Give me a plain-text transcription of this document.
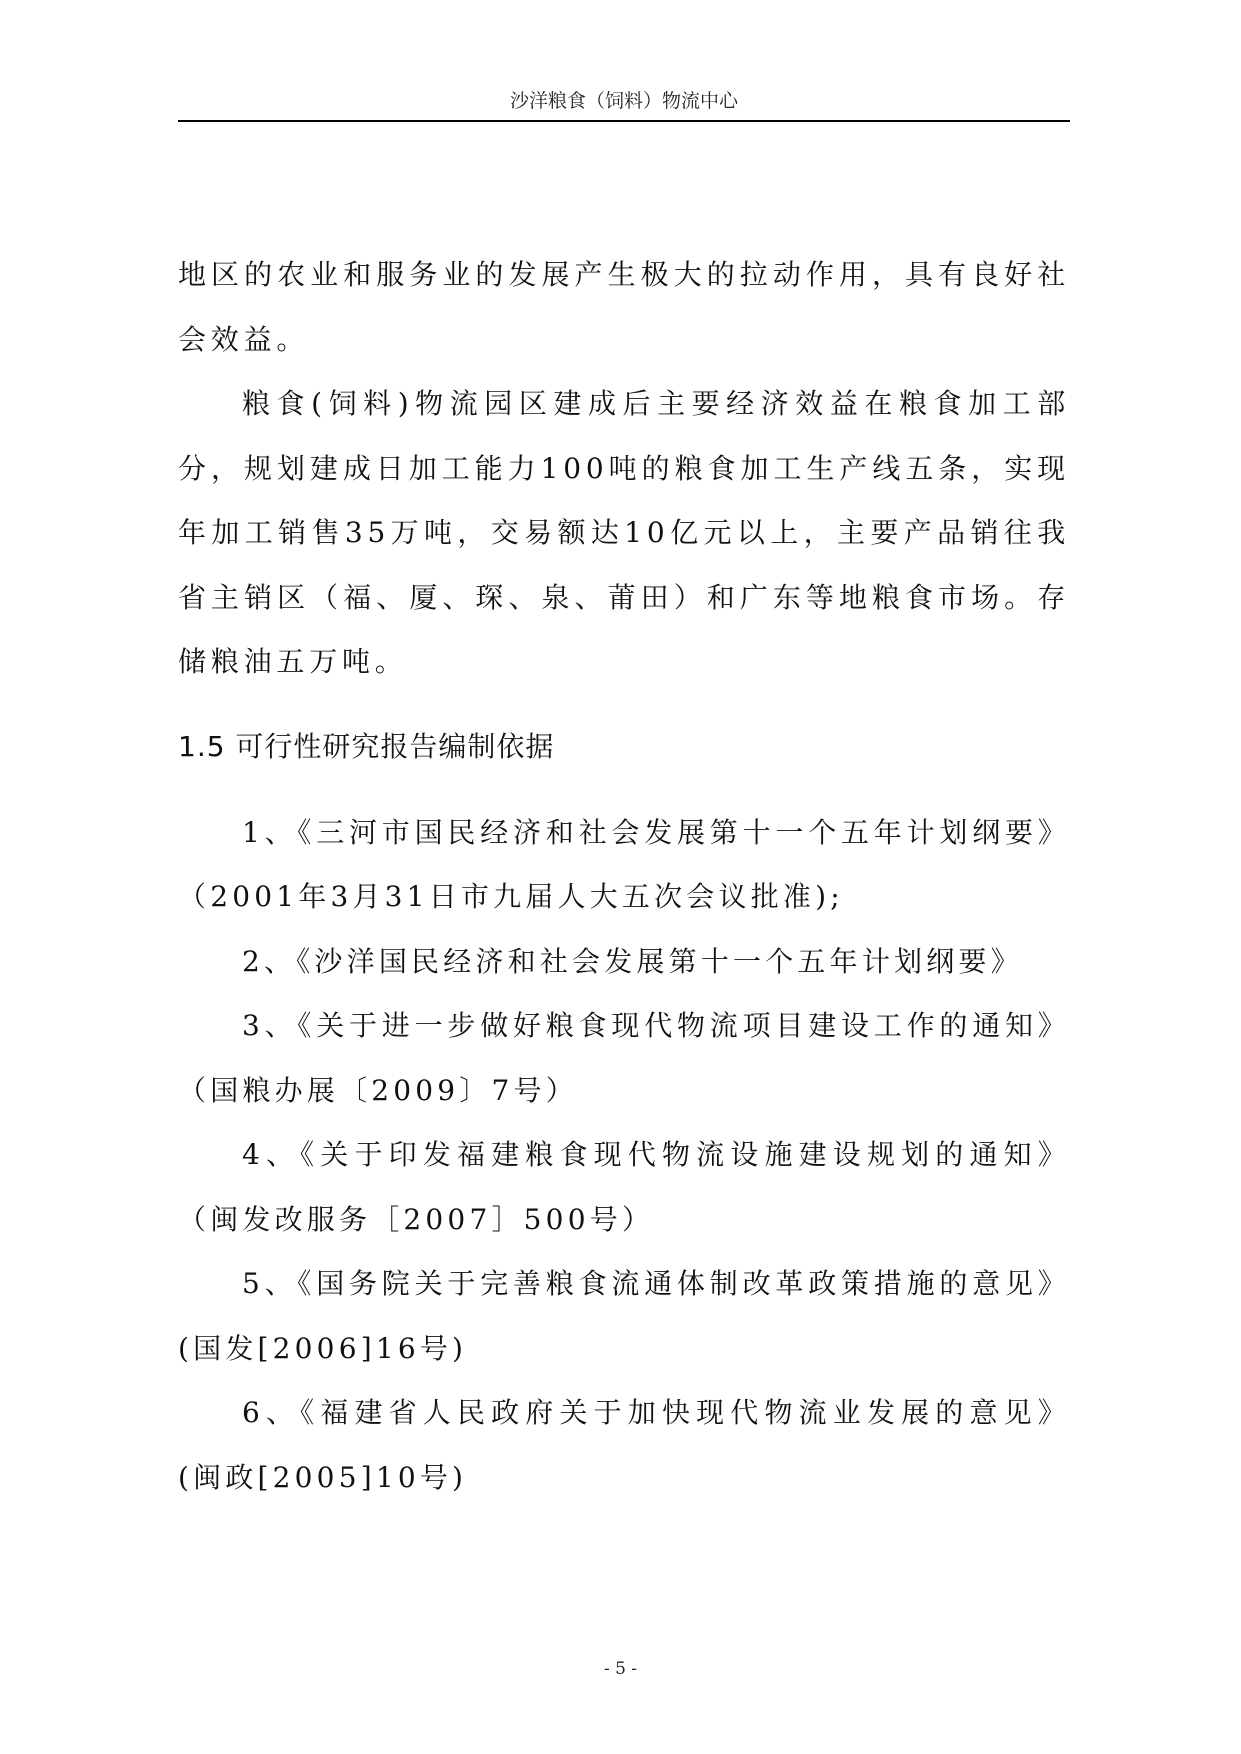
沙洋粮食（饲料）物流中心

地区的农业和服务业的发展产生极大的拉动作用，具有良好社会效益。

粮食(饲料)物流园区建成后主要经济效益在粮食加工部分，规划建成日加工能力100吨的粮食加工生产线五条，实现年加工销售35万吨，交易额达10亿元以上，主要产品销往我省主销区（福、厦、琛、泉、莆田）和广东等地粮食市场。存储粮油五万吨。

1.5 可行性研究报告编制依据
1、《三河市国民经济和社会发展第十一个五年计划纲要》（2001年3月31日市九届人大五次会议批准);
2、《沙洋国民经济和社会发展第十一个五年计划纲要》
3、《关于进一步做好粮食现代物流项目建设工作的通知》（国粮办展〔2009〕7号）
4、《关于印发福建粮食现代物流设施建设规划的通知》（闽发改服务［2007］500号）
5、《国务院关于完善粮食流通体制改革政策措施的意见》(国发[2006]16号)
6、《福建省人民政府关于加快现代物流业发展的意见》(闽政[2005]10号)
- 5 -
